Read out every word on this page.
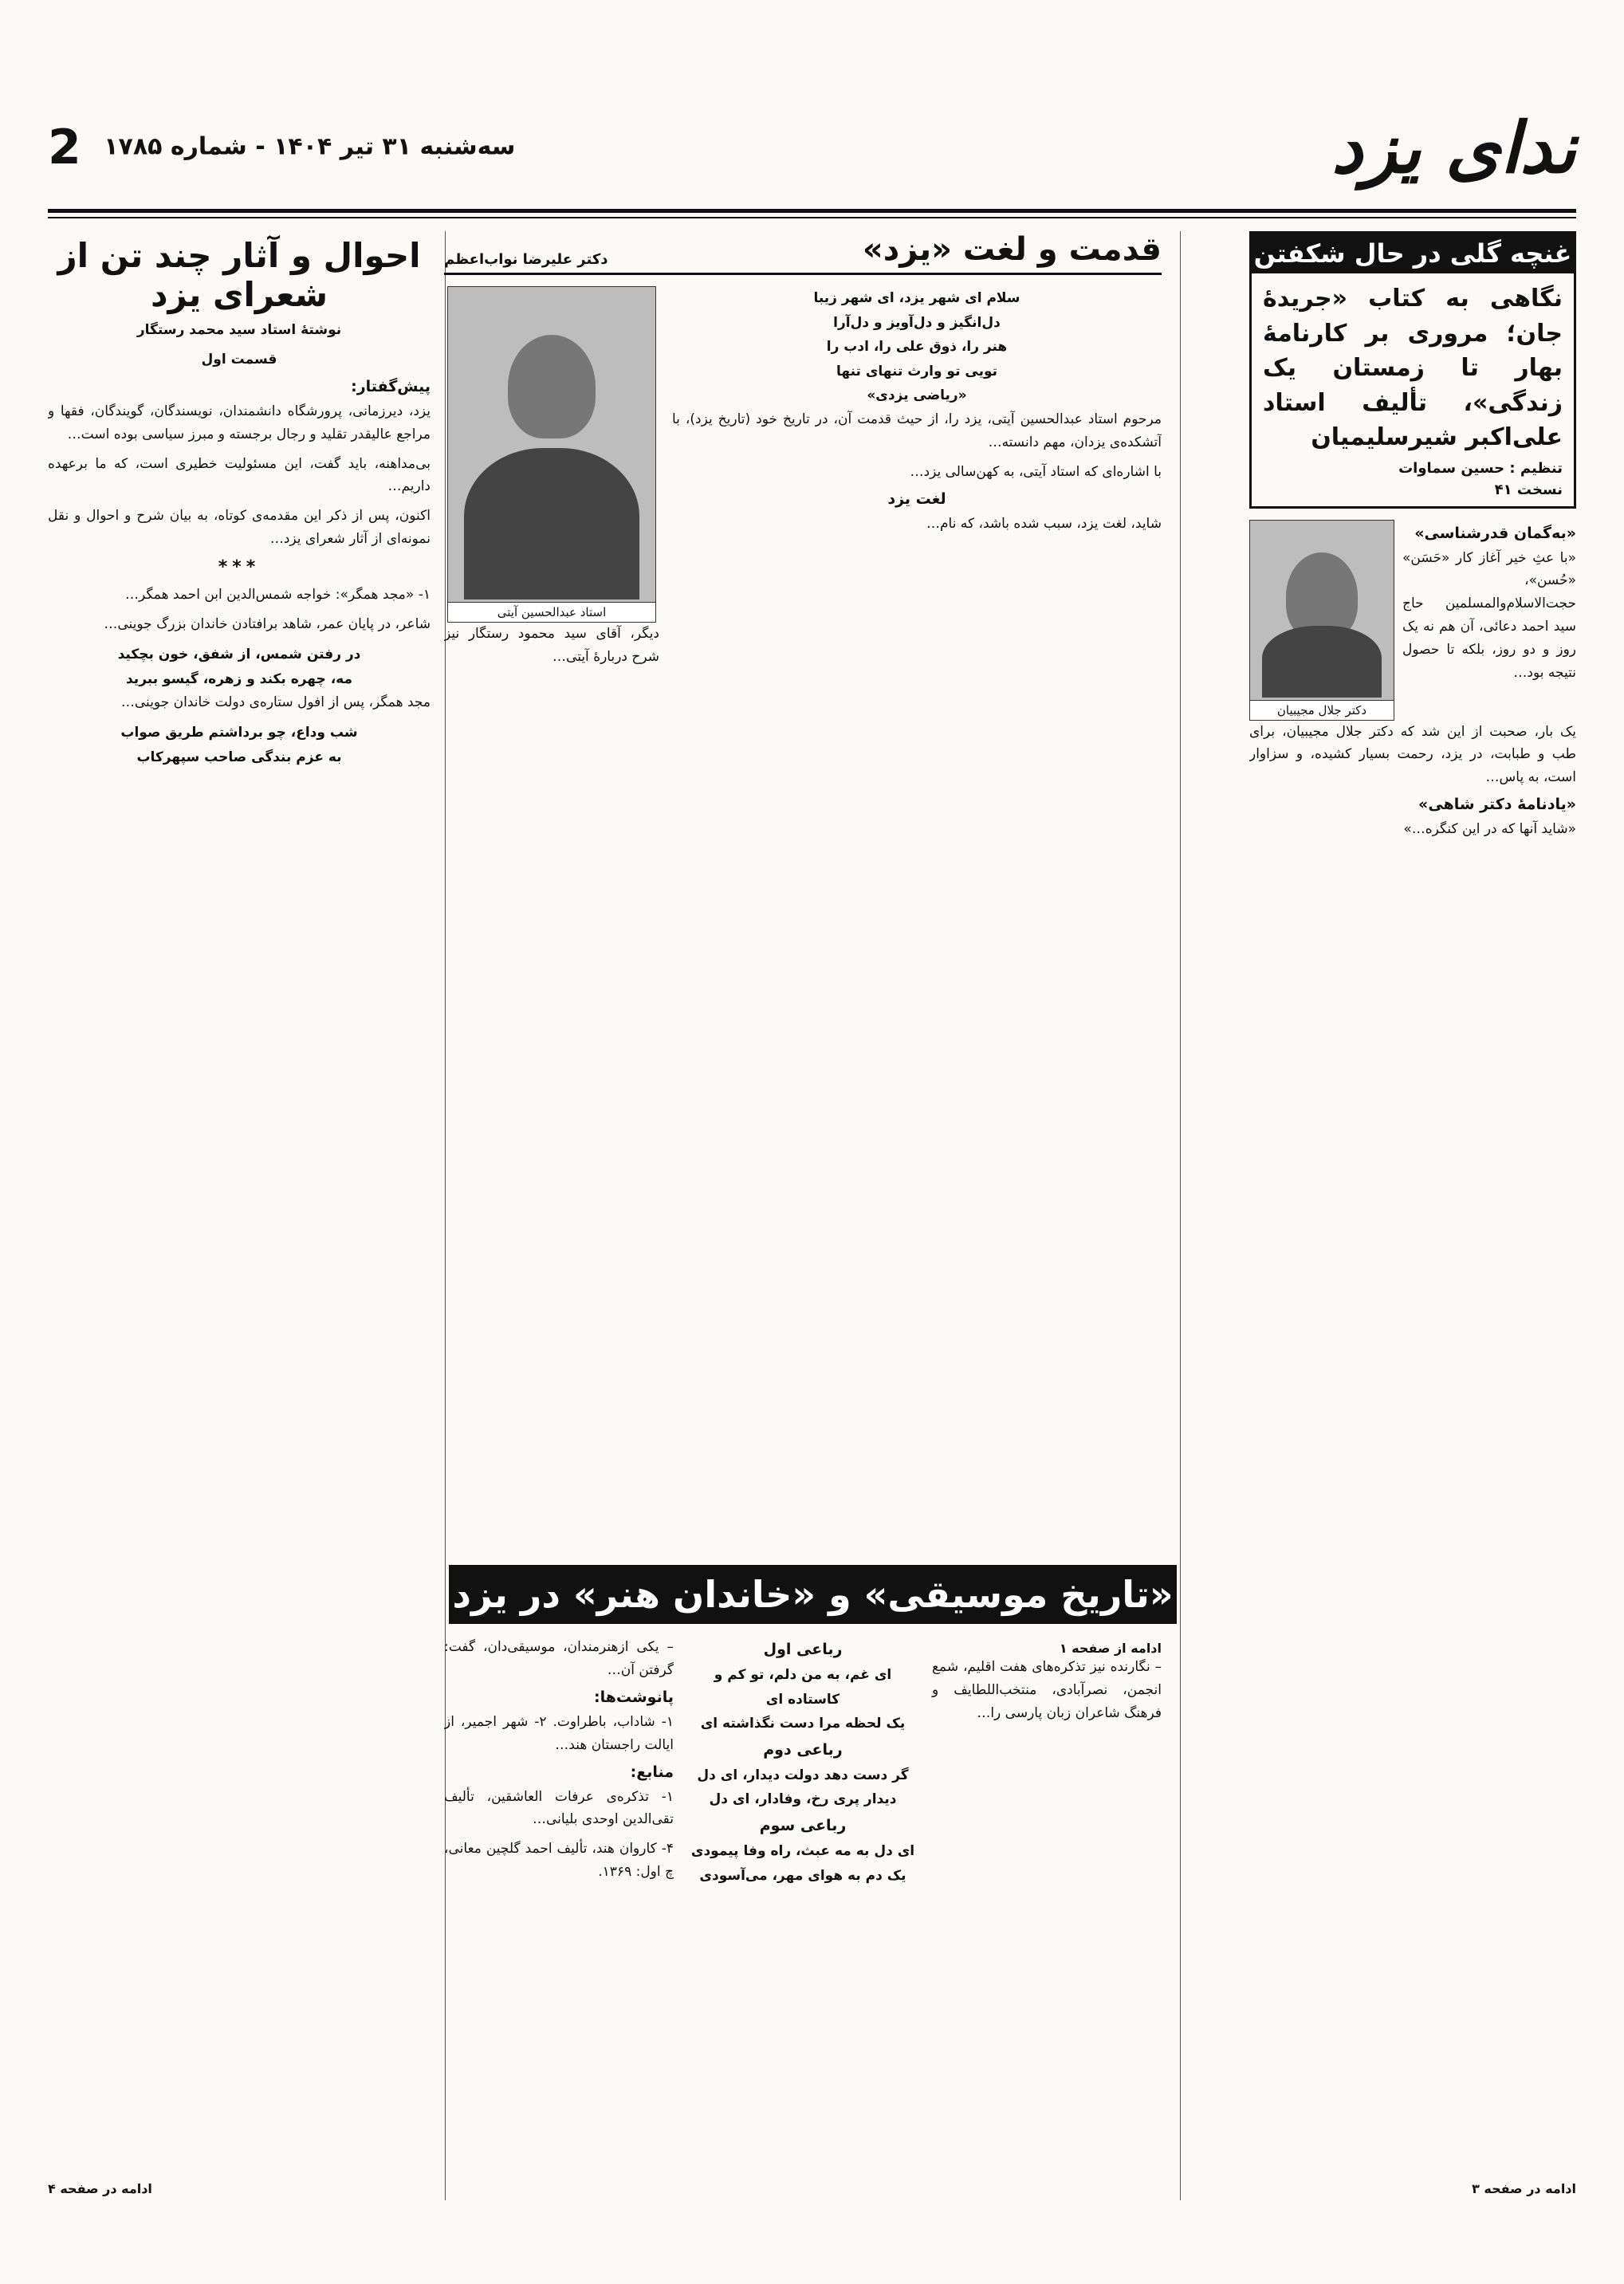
ندای یزد
سه‌شنبه ۳۱ تیر ۱۴۰۴ - شماره ۱۷۸۵ 2
غنچه گلی در حال شکفتن
نگاهی به کتاب «جریدهٔ جان؛ مروری بر کارنامهٔ بهار تا زمستان یک زندگی»، تألیف استاد علی‌اکبر شیرسلیمیان
تنظیم : حسین سماوات
نسخت ۴۱
«به‌گمان قدرشناسی»

«با عثِ خیر آغاز کار «حَسَن» «حُسن»، حجت‌الاسلام‌والمسلمین حاج سید احمد دعائی، آن هم نه یک روز و دو روز، بلکه تا حصول نتیجه بود…

دکتر جلال مجیبیان

یک بار، صحبت از این شد که دکتر جلال مجیبیان، برای طب و طبابت، در یزد، رحمت بسیار کشیده، و سزاوار است، به پاس…

«یادنامهٔ دکتر شاهی»

«شاید آنها که در این کنگره…»

ادامه در صفحه ۳
قدمت و لغت «یزد»
دکتر علیرضا نواب‌اعظم
سلام ای شهر یزد، ای شهر زیبا
دل‌انگیز و دل‌آویز و دل‌آرا
هنر را، ذوق علی را، ادب را
تویی تو وارث تنهای تنها
«ریاضی یزدی»

مرحوم استاد عبدالحسین آیتی، یزد را، از حیث قدمت آن، در تاریخ خود (تاریخ یزد)، با آتشکده‌ی یزدان، مهم دانسته…

با اشاره‌ای که استاد آیتی، به کهن‌سالی یزد…

لغت یزد

شاید، لغت یزد، سبب شده باشد، که نام…

استاد عبدالحسین آیتی

دیگر، آقای سید محمود رستگار نیز شرح دربارهٔ آیتی…

احوال و آثار چند تن از شعرای یزد
نوشتهٔ استاد سید محمد رستگار
قسمت اول
پیش‌گفتار:

یزد، دیرزمانی، پرورشگاه دانشمندان، نویسندگان، گویندگان، فقها و مراجع عالیقدر تقلید و رجال برجسته و مبرز سیاسی بوده است…

بی‌مداهنه، باید گفت، این مسئولیت خطیری است، که ما برعهده داریم…

اکنون، پس از ذکر این مقدمه‌ی کوتاه، به بیان شرح و احوال و نقل نمونه‌ای از آثار شعرای یزد…

***

۱- «مجد همگر»: خواجه شمس‌الدین ابن احمد همگر…

شاعر، در پایان عمر، شاهد برافتادن خاندان بزرگ جوینی…

در رفتن شمس، از شفق، خون بچکید
مه، چهره بکند و زهره، گیسو ببرید

مجد همگر، پس از افول ستاره‌ی دولت خاندان جوینی…

شب وداع، چو برداشتم طریق صواب
به عزم بندگی صاحب سپهرکاب
ادامه در صفحه ۴
«تاریخ موسیقی» و «خاندان هنر» در یزد
ادامه از صفحه ۱

– نگارنده نیز تذکره‌های هفت اقلیم، شمع انجمن، نصرآبادی، منتخب‌اللطایف و فرهنگ شاعران زبان پارسی را…

رباعی اول
ای غم، به من دلم، تو کم و کاستاده ای
یک لحظه مرا دست نگذاشته ای
رباعی دوم
گر دست دهد دولت دیدار، ای دل
دیدار پری رخ، وفادار، ای دل
رباعی سوم
ای دل به مه عبث، راه وفا پیمودی
یک دم به هوای مهر، می‌آسودی

– یکی ازهنرمندان، موسیقی‌دان، گفت: گرفتن آن…

پانوشت‌ها:

۱- شاداب، باطراوت. ۲- شهر اجمیر، از ایالت راجستان هند…

منابع:

۱- تذکره‌ی عرفات العاشقین، تألیف تقی‌الدین اوحدی بلیانی…

۴- کاروان هند، تألیف احمد گلچین معانی، چ اول: ۱۳۶۹.
